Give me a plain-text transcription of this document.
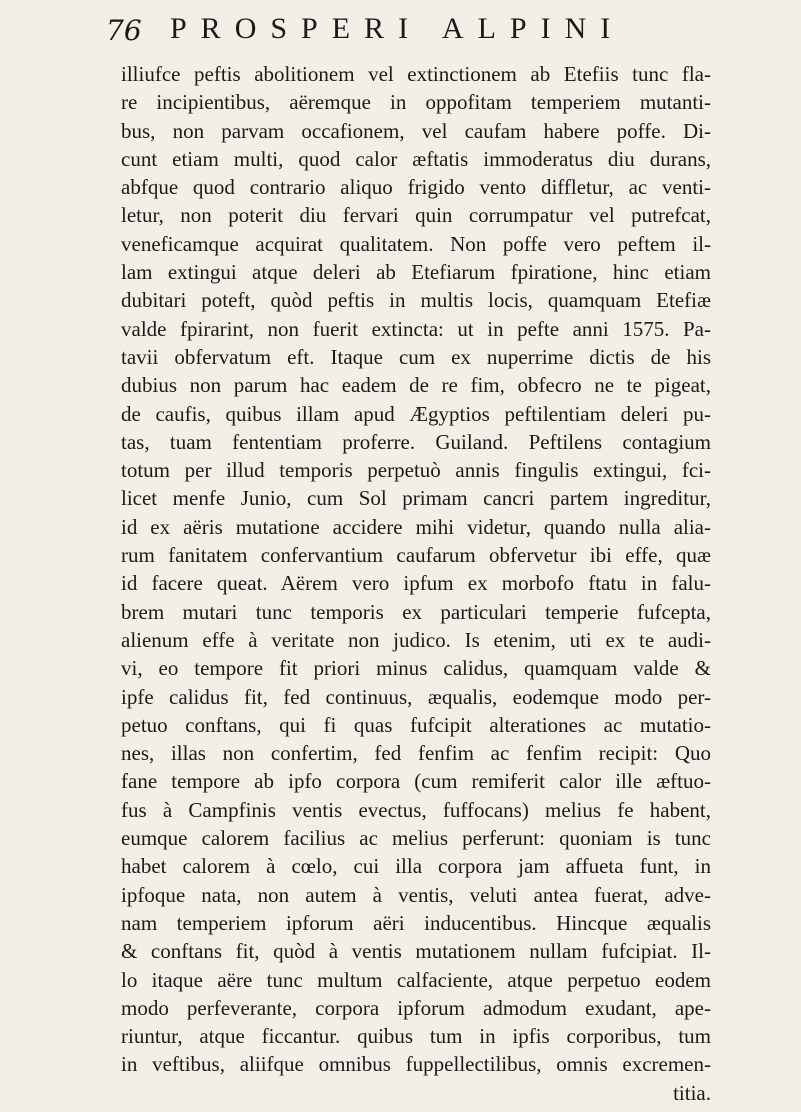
76 PROSPERI ALPINI
illiufce peftis abolitionem vel extinctionem ab Etefiis tunc fla-
re incipientibus, aëremque in oppofitam temperiem mutanti-
bus, non parvam occafionem, vel caufam habere poffe. Di-
cunt etiam multi, quod calor æftatis immoderatus diu durans,
abfque quod contrario aliquo frigido vento diffletur, ac venti-
letur, non poterit diu fervari quin corrumpatur vel putrefcat,
veneficamque acquirat qualitatem. Non poffe vero peftem il-
lam extingui atque deleri ab Etefiarum fpiratione, hinc etiam
dubitari poteft, quòd peftis in multis locis, quamquam Etefiæ
valde fpirarint, non fuerit extincta: ut in pefte anni 1575. Pa-
tavii obfervatum eft. Itaque cum ex nuperrime dictis de his
dubius non parum hac eadem de re fim, obfecro ne te pigeat,
de caufis, quibus illam apud Ægyptios peftilentiam deleri pu-
tas, tuam fententiam proferre. Guiland. Peftilens contagium
totum per illud temporis perpetuò annis fingulis extingui, fci-
licet menfe Junio, cum Sol primam cancri partem ingreditur,
id ex aëris mutatione accidere mihi videtur, quando nulla alia-
rum fanitatem confervantium caufarum obfervetur ibi effe, quæ
id facere queat. Aërem vero ipfum ex morbofo ftatu in falu-
brem mutari tunc temporis ex particulari temperie fufcepta,
alienum effe à veritate non judico. Is etenim, uti ex te audi-
vi, eo tempore fit priori minus calidus, quamquam valde &
ipfe calidus fit, fed continuus, æqualis, eodemque modo per-
petuo conftans, qui fi quas fufcipit alterationes ac mutatio-
nes, illas non confertim, fed fenfim ac fenfim recipit: Quo
fane tempore ab ipfo corpora (cum remiferit calor ille æftuo-
fus à Campfinis ventis evectus, fuffocans) melius fe habent,
eumque calorem facilius ac melius perferunt: quoniam is tunc
habet calorem à cœlo, cui illa corpora jam affueta funt, in
ipfoque nata, non autem à ventis, veluti antea fuerat, adve-
nam temperiem ipforum aëri inducentibus. Hincque æqualis
& conftans fit, quòd à ventis mutationem nullam fufcipiat. Il-
lo itaque aëre tunc multum calfaciente, atque perpetuo eodem
modo perfeverante, corpora ipforum admodum exudant, ape-
riuntur, atque ficcantur. quibus tum in ipfis corporibus, tum
in veftibus, aliifque omnibus fuppellectilibus, omnis excremen-
titia.
